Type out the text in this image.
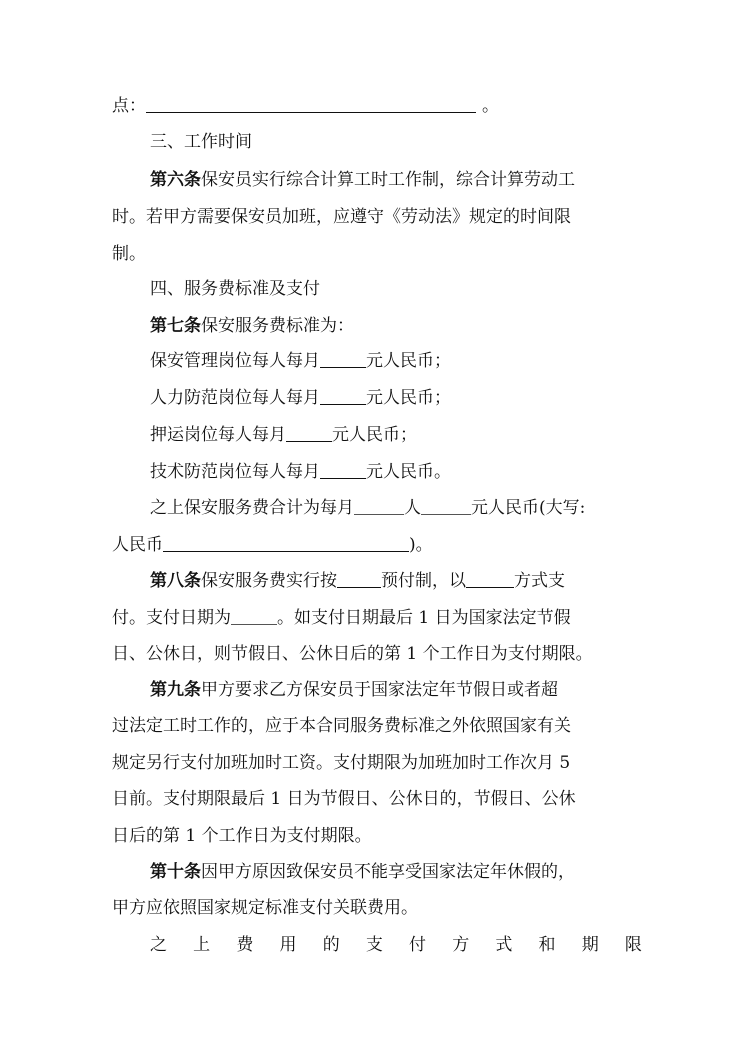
点：	。
三、工作时间
第六条保安员实行综合计算工时工作制，综合计算劳动工
时。若甲方需要保安员加班，应遵守《劳动法》规定的时间限
制。
四、服务费标准及支付
第七条保安服务费标准为：
保安管理岗位每人每月	元人民币；
人力防范岗位每人每月	元人民币；
押运岗位每人每月	元人民币；
技术防范岗位每人每月	元人民币。
之上保安服务费合计为每月	人	元人民币(大写:
人民币	)。
第八条保安服务费实行按	预付制，以	方式支
付。支付日期为	。如支付日期最后 1 日为国家法定节假
日、公休日，则节假日、公休日后的第 1 个工作日为支付期限。
第九条甲方要求乙方保安员于国家法定年节假日或者超
过法定工时工作的，应于本合同服务费标准之外依照国家有关
规定另行支付加班加时工资。支付期限为加班加时工作次月 5
日前。支付期限最后 1 日为节假日、公休日的，节假日、公休
日后的第 1 个工作日为支付期限。
第十条因甲方原因致保安员不能享受国家法定年休假的，
甲方应依照国家规定标准支付关联费用。
之 上 费 用 的 支 付 方 式 和 期 限
